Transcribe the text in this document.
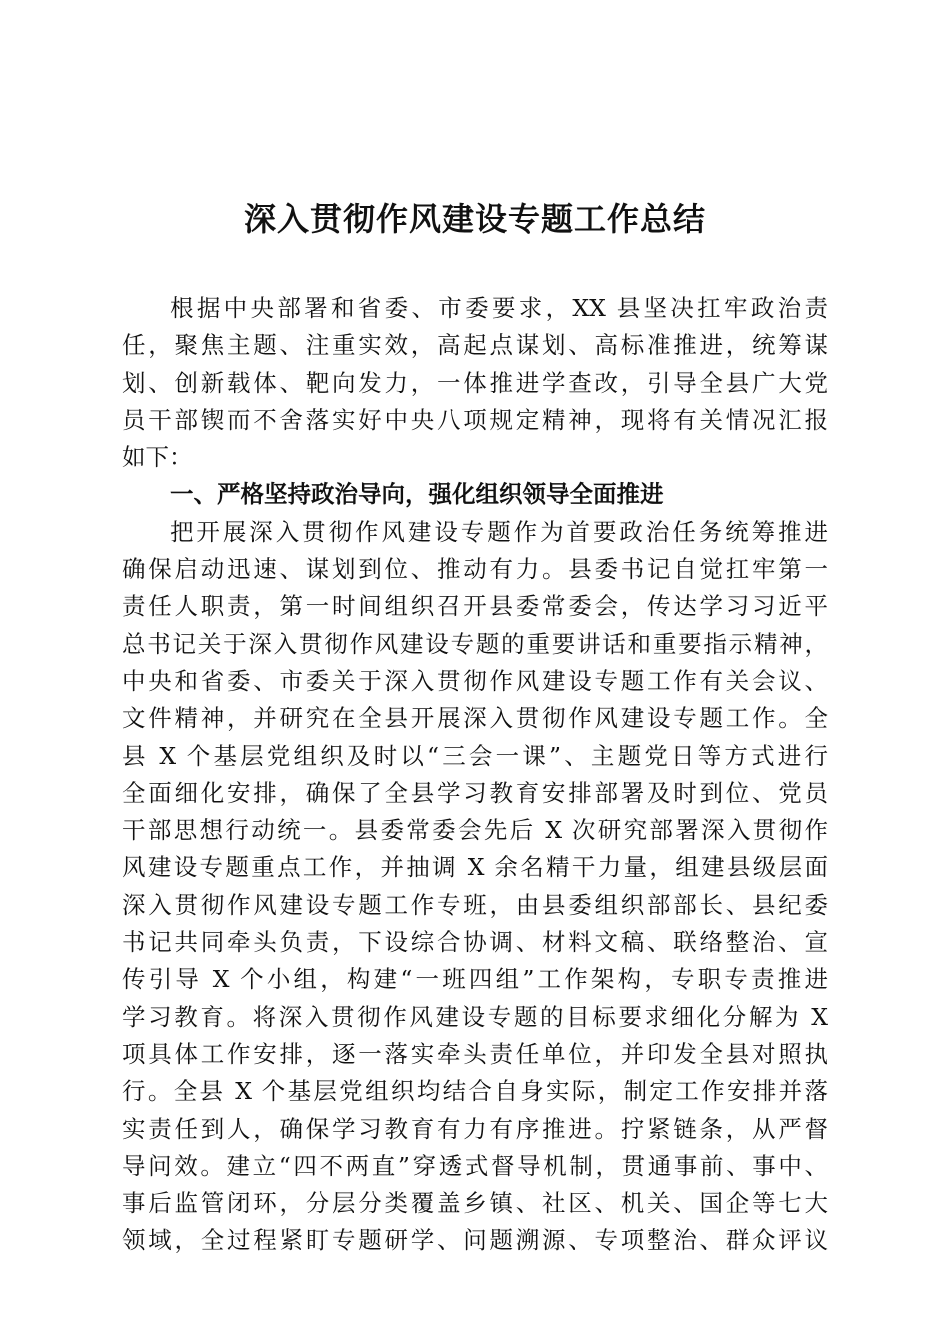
深入贯彻作风建设专题工作总结
根据中央部署和省委、市委要求，XX 县坚决扛牢政治责
任，聚焦主题、注重实效，高起点谋划、高标准推进，统筹谋
划、创新载体、靶向发力，一体推进学查改，引导全县广大党
员干部锲而不舍落实好中央八项规定精神，现将有关情况汇报
如下：
一、严格坚持政治导向，强化组织领导全面推进
把开展深入贯彻作风建设专题作为首要政治任务统筹推进
确保启动迅速、谋划到位、推动有力。县委书记自觉扛牢第一
责任人职责，第一时间组织召开县委常委会，传达学习习近平
总书记关于深入贯彻作风建设专题的重要讲话和重要指示精神，
中央和省委、市委关于深入贯彻作风建设专题工作有关会议、
文件精神，并研究在全县开展深入贯彻作风建设专题工作。全
县 X 个基层党组织及时以“三会一课”、主题党日等方式进行
全面细化安排，确保了全县学习教育安排部署及时到位、党员
干部思想行动统一。县委常委会先后 X 次研究部署深入贯彻作
风建设专题重点工作，并抽调 X 余名精干力量，组建县级层面
深入贯彻作风建设专题工作专班，由县委组织部部长、县纪委
书记共同牵头负责，下设综合协调、材料文稿、联络整治、宣
传引导 X 个小组，构建“一班四组”工作架构，专职专责推进
学习教育。将深入贯彻作风建设专题的目标要求细化分解为 X
项具体工作安排，逐一落实牵头责任单位，并印发全县对照执
行。全县 X 个基层党组织均结合自身实际，制定工作安排并落
实责任到人，确保学习教育有力有序推进。拧紧链条，从严督
导问效。建立“四不两直”穿透式督导机制，贯通事前、事中、
事后监管闭环，分层分类覆盖乡镇、社区、机关、国企等七大
领域，全过程紧盯专题研学、问题溯源、专项整治、群众评议
